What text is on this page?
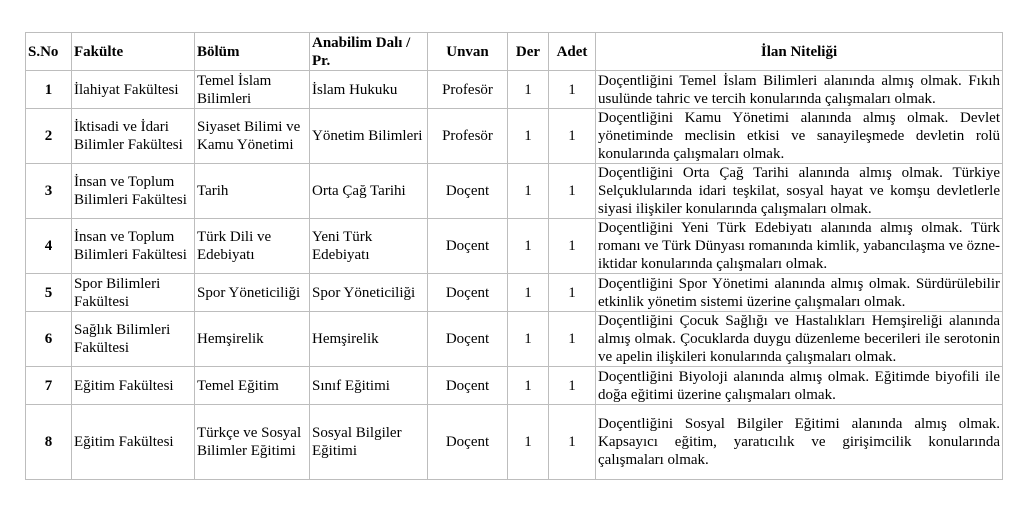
S.No	Fakülte	Bölüm	Anabilim Dalı / Pr.	Unvan	Der	Adet	İlan Niteliği
1	İlahiyat Fakültesi	Temel İslam Bilimleri	İslam Hukuku	Profesör	1	1	Doçentliğini Temel İslam Bilimleri alanında almış olmak. Fıkıh usulünde tahric ve tercih konularında çalışmaları olmak.
2	İktisadi ve İdari Bilimler Fakültesi	Siyaset Bilimi ve Kamu Yönetimi	Yönetim Bilimleri	Profesör	1	1	Doçentliğini Kamu Yönetimi alanında almış olmak. Devlet yönetiminde meclisin etkisi ve sanayileşmede devletin rolü konularında çalışmaları olmak.
3	İnsan ve Toplum Bilimleri Fakültesi	Tarih	Orta Çağ Tarihi	Doçent	1	1	Doçentliğini Orta Çağ Tarihi alanında almış olmak. Türkiye Selçuklularında idari teşkilat, sosyal hayat ve komşu devletlerle siyasi ilişkiler konularında çalışmaları olmak.
4	İnsan ve Toplum Bilimleri Fakültesi	Türk Dili ve Edebiyatı	Yeni Türk Edebiyatı	Doçent	1	1	Doçentliğini Yeni Türk Edebiyatı alanında almış olmak. Türk romanı ve Türk Dünyası romanında kimlik, yabancılaşma ve özne-iktidar konularında çalışmaları olmak.
5	Spor Bilimleri Fakültesi	Spor Yöneticiliği	Spor Yöneticiliği	Doçent	1	1	Doçentliğini Spor Yönetimi alanında almış olmak. Sürdürülebilir etkinlik yönetim sistemi üzerine çalışmaları olmak.
6	Sağlık Bilimleri Fakültesi	Hemşirelik	Hemşirelik	Doçent	1	1	Doçentliğini Çocuk Sağlığı ve Hastalıkları Hemşireliği alanında almış olmak. Çocuklarda duygu düzenleme becerileri ile serotonin ve apelin ilişkileri konularında çalışmaları olmak.
7	Eğitim Fakültesi	Temel Eğitim	Sınıf Eğitimi	Doçent	1	1	Doçentliğini Biyoloji alanında almış olmak. Eğitimde biyofili ile doğa eğitimi üzerine çalışmaları olmak.
8	Eğitim Fakültesi	Türkçe ve Sosyal Bilimler Eğitimi	Sosyal Bilgiler Eğitimi	Doçent	1	1	Doçentliğini Sosyal Bilgiler Eğitimi alanında almış olmak. Kapsayıcı eğitim, yaratıcılık ve girişimcilik konularında çalışmaları olmak.
